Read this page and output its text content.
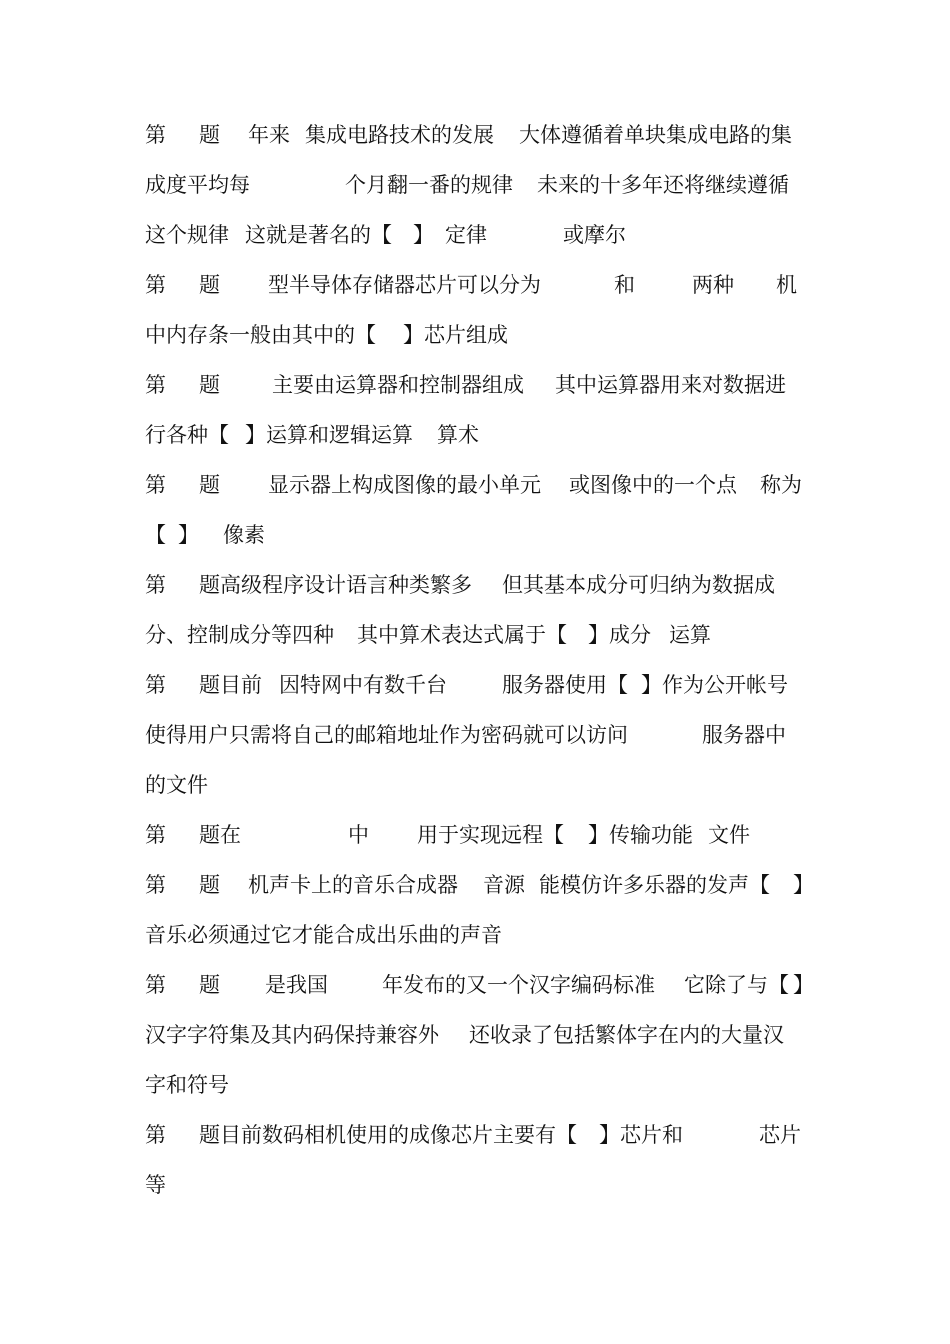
第

题

年来

集成电路技术的发展

大体遵循着单块集成电路的集

成度平均每

	个月翻一番的规律

未来的十多年还将继续遵循

这个规律

这就是著名的【

】

定律

	或摩尔

第

题

型半导体存储器芯片可以分为

	和

	两种

机

中内存条一般由其中的【

】芯片组成

第

题

主要由运算器和控制器组成

其中运算器用来对数据进

行各种【

】运算和逻辑运算

算术

第

题

显示器上构成图像的最小单元

或图像中的一个点

称为

【

】

像素

第

题高级程序设计语言种类繁多

但其基本成分可归纳为数据成

分、控制成分等四种

其中算术表达式属于【

】成分

运算

第

题目前

因特网中有数千台

	服务器使用【

】作为公开帐号

使得用户只需将自己的邮箱地址作为密码就可以访问

	服务器中

的文件

第

题在

	中

用于实现远程【

】传输功能

文件

第

题

机声卡上的音乐合成器

音源

能模仿许多乐器的发声【

】

音乐必须通过它才能合成出乐曲的声音

第

题

是我国

	年发布的又一个汉字编码标准

它除了与【

】

汉字字符集及其内码保持兼容外

还收录了包括繁体字在内的大量汉

字和符号

第

题目前数码相机使用的成像芯片主要有【

】芯片和

	芯片

等
